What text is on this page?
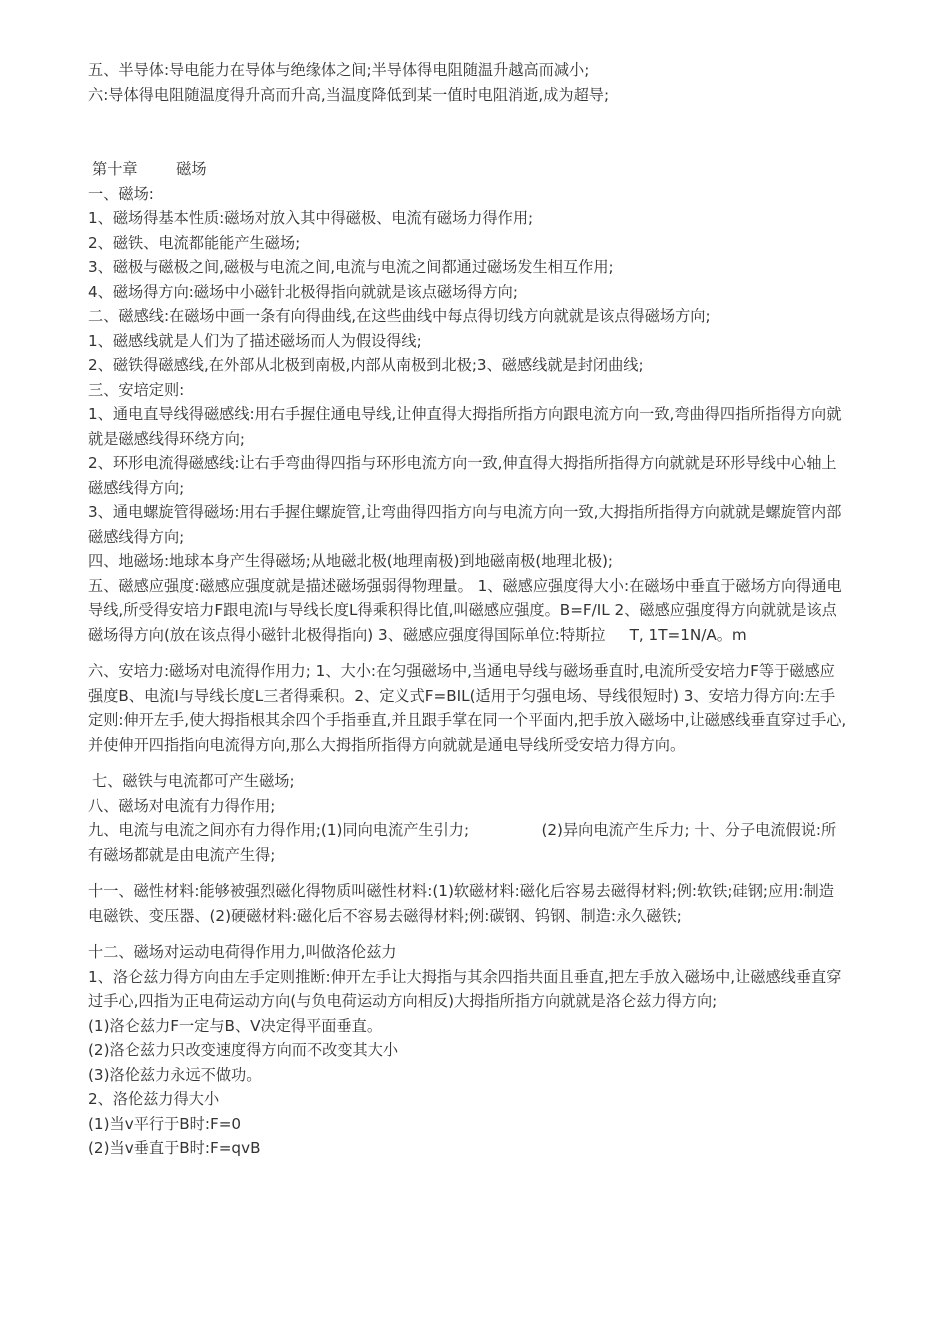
五、半导体:导电能力在导体与绝缘体之间;半导体得电阻随温升越高而减小;
六:导体得电阻随温度得升高而升高,当温度降低到某一值时电阻消逝,成为超导;
第十章        磁场
一、磁场:
1、磁场得基本性质:磁场对放入其中得磁极、电流有磁场力得作用;
2、磁铁、电流都能能产生磁场;
3、磁极与磁极之间,磁极与电流之间,电流与电流之间都通过磁场发生相互作用;
4、磁场得方向:磁场中小磁针北极得指向就就是该点磁场得方向;
二、磁感线:在磁场中画一条有向得曲线,在这些曲线中每点得切线方向就就是该点得磁场方向;
1、磁感线就是人们为了描述磁场而人为假设得线;
2、磁铁得磁感线,在外部从北极到南极,内部从南极到北极;3、磁感线就是封闭曲线;
三、安培定则:
1、通电直导线得磁感线:用右手握住通电导线,让伸直得大拇指所指方向跟电流方向一致,弯曲得四指所指得方向就就是磁感线得环绕方向;
2、环形电流得磁感线:让右手弯曲得四指与环形电流方向一致,伸直得大拇指所指得方向就就是环形导线中心轴上磁感线得方向;
3、通电螺旋管得磁场:用右手握住螺旋管,让弯曲得四指方向与电流方向一致,大拇指所指得方向就就是螺旋管内部磁感线得方向;
四、地磁场:地球本身产生得磁场;从地磁北极(地理南极)到地磁南极(地理北极);
五、磁感应强度:磁感应强度就是描述磁场强弱得物理量。 1、磁感应强度得大小:在磁场中垂直于磁场方向得通电导线,所受得安培力F跟电流I与导线长度L得乘积得比值,叫磁感应强度。B=F/IL 2、磁感应强度得方向就就是该点磁场得方向(放在该点得小磁针北极得指向) 3、磁感应强度得国际单位:特斯拉     T, 1T=1N/A。m
六、安培力:磁场对电流得作用力; 1、大小:在匀强磁场中,当通电导线与磁场垂直时,电流所受安培力F等于磁感应强度B、电流I与导线长度L三者得乘积。2、定义式F=BIL(适用于匀强电场、导线很短时) 3、安培力得方向:左手定则:伸开左手,使大拇指根其余四个手指垂直,并且跟手掌在同一个平面内,把手放入磁场中,让磁感线垂直穿过手心,并使伸开四指指向电流得方向,那么大拇指所指得方向就就是通电导线所受安培力得方向。
七、磁铁与电流都可产生磁场;
八、磁场对电流有力得作用;
九、电流与电流之间亦有力得作用;(1)同向电流产生引力;               (2)异向电流产生斥力; 十、分子电流假说:所有磁场都就是由电流产生得;
十一、磁性材料:能够被强烈磁化得物质叫磁性材料:(1)软磁材料:磁化后容易去磁得材料;例:软铁;硅钢;应用:制造电磁铁、变压器、(2)硬磁材料:磁化后不容易去磁得材料;例:碳钢、钨钢、制造:永久磁铁;
十二、磁场对运动电荷得作用力,叫做洛伦兹力
1、洛仑兹力得方向由左手定则推断:伸开左手让大拇指与其余四指共面且垂直,把左手放入磁场中,让磁感线垂直穿过手心,四指为正电荷运动方向(与负电荷运动方向相反)大拇指所指方向就就是洛仑兹力得方向;
(1)洛仑兹力F一定与B、V决定得平面垂直。
(2)洛仑兹力只改变速度得方向而不改变其大小
(3)洛伦兹力永远不做功。
2、洛伦兹力得大小
(1)当v平行于B时:F=0
(2)当v垂直于B时:F=qvB
